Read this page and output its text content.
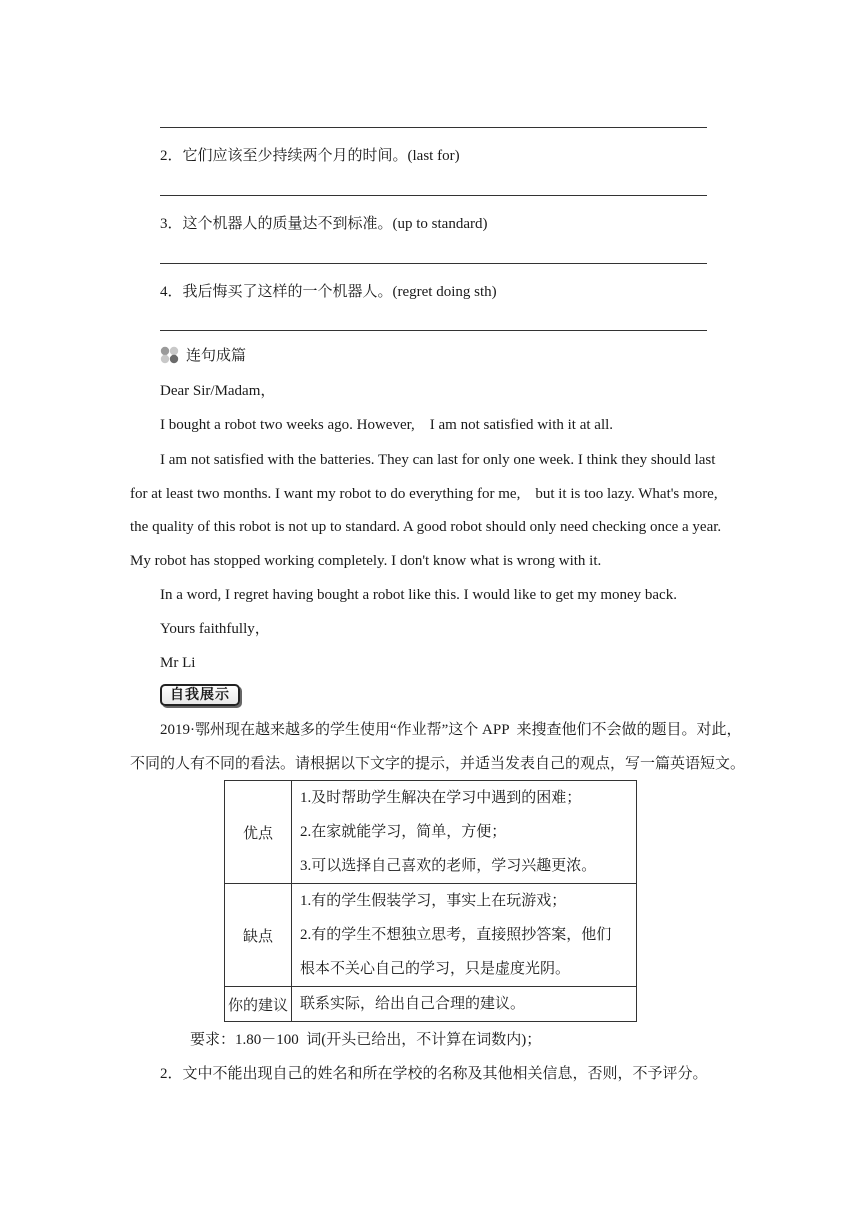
2．它们应该至少持续两个月的时间。(last for)
3．这个机器人的质量达不到标准。(up to standard)
4．我后悔买了这样的一个机器人。(regret doing sth)
连句成篇
Dear Sir/Madam，
I bought a robot two weeks ago. However,    I am not satisfied with it at all.
I am not satisfied with the batteries. They can last for only one week. I think they should last
for at least two months. I want my robot to do everything for me,    but it is too lazy. What's more,
the quality of this robot is not up to standard. A good robot should only need checking once a year.
My robot has stopped working completely. I don't know what is wrong with it.
In a word, I regret having bought a robot like this. I would like to get my money back.
Yours faithfully，
Mr Li
自我展示
2019·鄂州现在越来越多的学生使用“作业帮”这个 APP  来搜查他们不会做的题目。对此，
不同的人有不同的看法。请根据以下文字的提示，并适当发表自己的观点，写一篇英语短文。
优点	1.及时帮助学生解决在学习中遇到的困难；
2.在家就能学习，简单，方便；
3.可以选择自己喜欢的老师，学习兴趣更浓。

缺点	1.有的学生假装学习，事实上在玩游戏；
2.有的学生不想独立思考，直接照抄答案，他们
根本不关心自己的学习，只是虚度光阴。

你的建议	联系实际，给出自己合理的建议。
要求：1.80－100  词(开头已给出，不计算在词数内)；
2．文中不能出现自己的姓名和所在学校的名称及其他相关信息，否则，不予评分。
